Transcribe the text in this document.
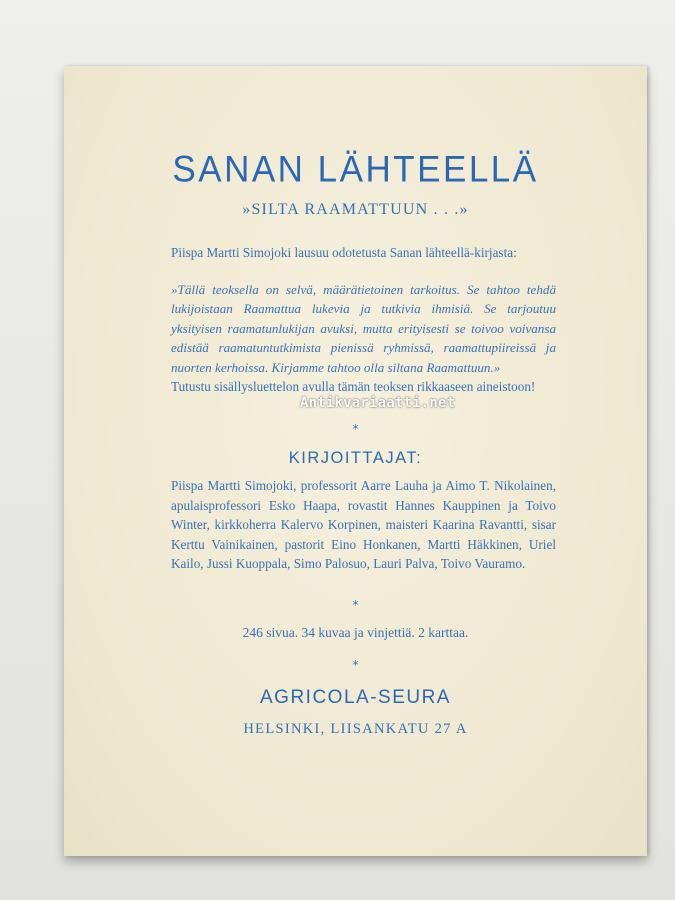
SANAN LÄHTEELLÄ
»SILTA RAAMATTUUN . . .»

Piispa Martti Simojoki lausuu odotetusta Sanan lähteellä-kirjasta:

»Tällä teoksella on selvä, määrätietoinen tarkoitus. Se tahtoo tehdä lukijoistaan Raamattua lukevia ja tutkivia ihmisiä. Se tarjoutuu yksityisen raamatunlukijan avuksi, mutta erityisesti se toivoo voivansa edistää raamatuntutkimista pienissä ryhmissä, raamattupiireissä ja nuorten kerhoissa. Kirjamme tahtoo olla siltana Raamattuun.»

Tutustu sisällysluettelon avulla tämän teoksen rikkaaseen aineistoon!

*
KIRJOITTAJAT:

Piispa Martti Simojoki, professorit Aarre Lauha ja Aimo T. Nikolainen, apulaisprofessori Esko Haapa, rovastit Hannes Kauppinen ja Toivo Winter, kirkkoherra Kalervo Korpinen, maisteri Kaarina Ravantti, sisar Kerttu Vainikainen, pastorit Eino Honkanen, Martti Häkkinen, Uriel Kailo, Jussi Kuoppala, Simo Palosuo, Lauri Palva, Toivo Vauramo.

*
246 sivua. 34 kuvaa ja vinjettiä. 2 karttaa.
*
AGRICOLA-SEURA
HELSINKI, LIISANKATU 27 A
Antikvariaatti.net
